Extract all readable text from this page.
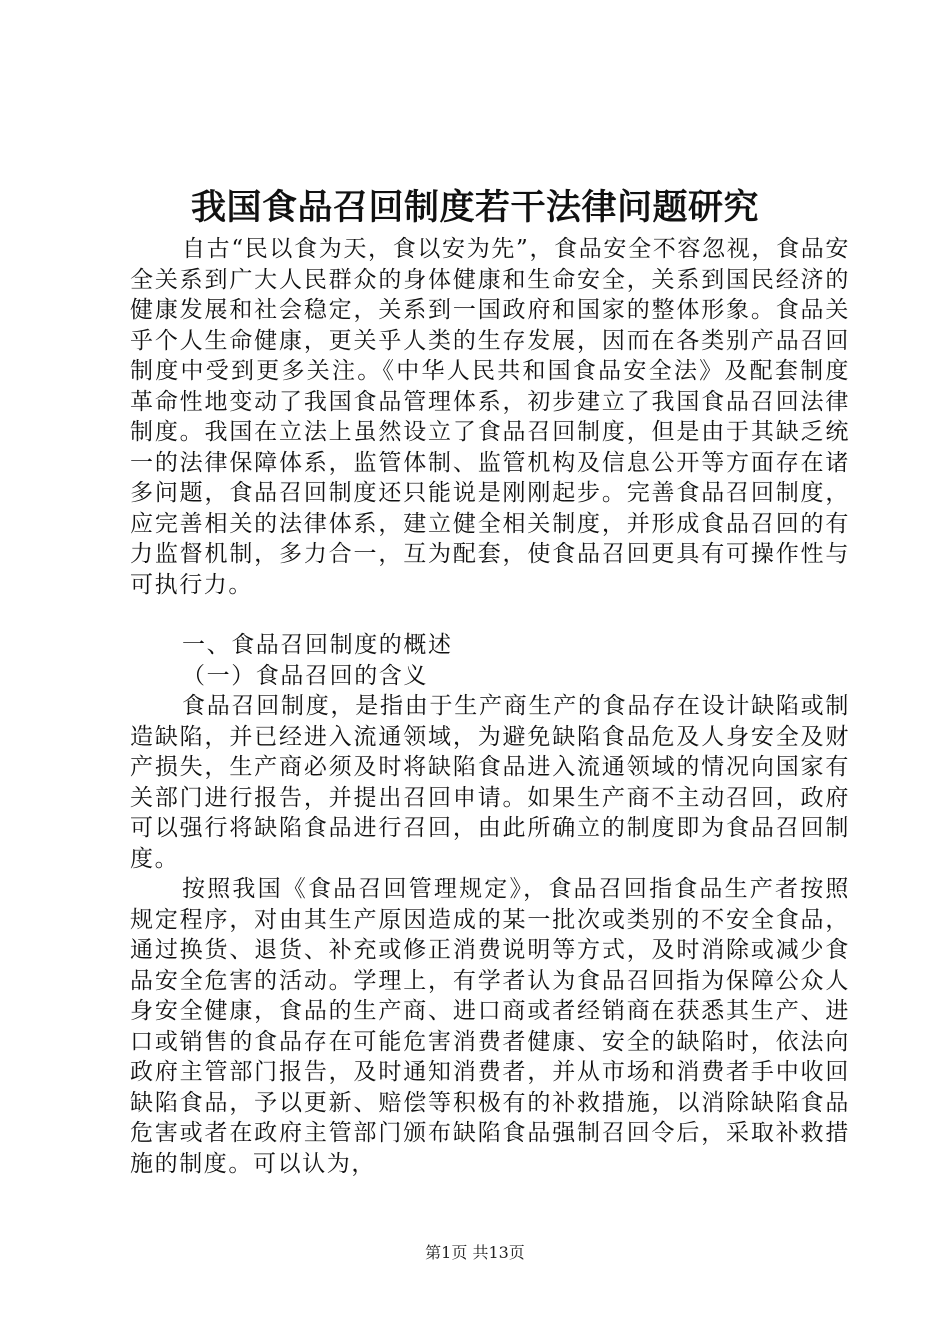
我国食品召回制度若干法律问题研究

自古“民以食为天，食以安为先”，食品安全不容忽视，食品安全关系到广大人民群众的身体健康和生命安全，关系到国民经济的健康发展和社会稳定，关系到一国政府和国家的整体形象。食品关乎个人生命健康，更关乎人类的生存发展，因而在各类别产品召回制度中受到更多关注。《中华人民共和国食品安全法》及配套制度革命性地变动了我国食品管理体系，初步建立了我国食品召回法律制度。我国在立法上虽然设立了食品召回制度，但是由于其缺乏统一的法律保障体系，监管体制、监管机构及信息公开等方面存在诸多问题，食品召回制度还只能说是刚刚起步。完善食品召回制度，应完善相关的法律体系，建立健全相关制度，并形成食品召回的有力监督机制，多力合一，互为配套，使食品召回更具有可操作性与可执行力。

一、食品召回制度的概述

（一）食品召回的含义

食品召回制度，是指由于生产商生产的食品存在设计缺陷或制造缺陷，并已经进入流通领域，为避免缺陷食品危及人身安全及财产损失，生产商必须及时将缺陷食品进入流通领域的情况向国家有关部门进行报告，并提出召回申请。如果生产商不主动召回，政府可以强行将缺陷食品进行召回，由此所确立的制度即为食品召回制度。

按照我国《食品召回管理规定》，食品召回指食品生产者按照规定程序，对由其生产原因造成的某一批次或类别的不安全食品，通过换货、退货、补充或修正消费说明等方式，及时消除或减少食品安全危害的活动。学理上，有学者认为食品召回指为保障公众人身安全健康，食品的生产商、进口商或者经销商在获悉其生产、进口或销售的食品存在可能危害消费者健康、安全的缺陷时，依法向政府主管部门报告，及时通知消费者，并从市场和消费者手中收回缺陷食品，予以更新、赔偿等积极有的补救措施，以消除缺陷食品危害或者在政府主管部门颁布缺陷食品强制召回令后，采取补救措施的制度。可以认为，

第1页 共13页
